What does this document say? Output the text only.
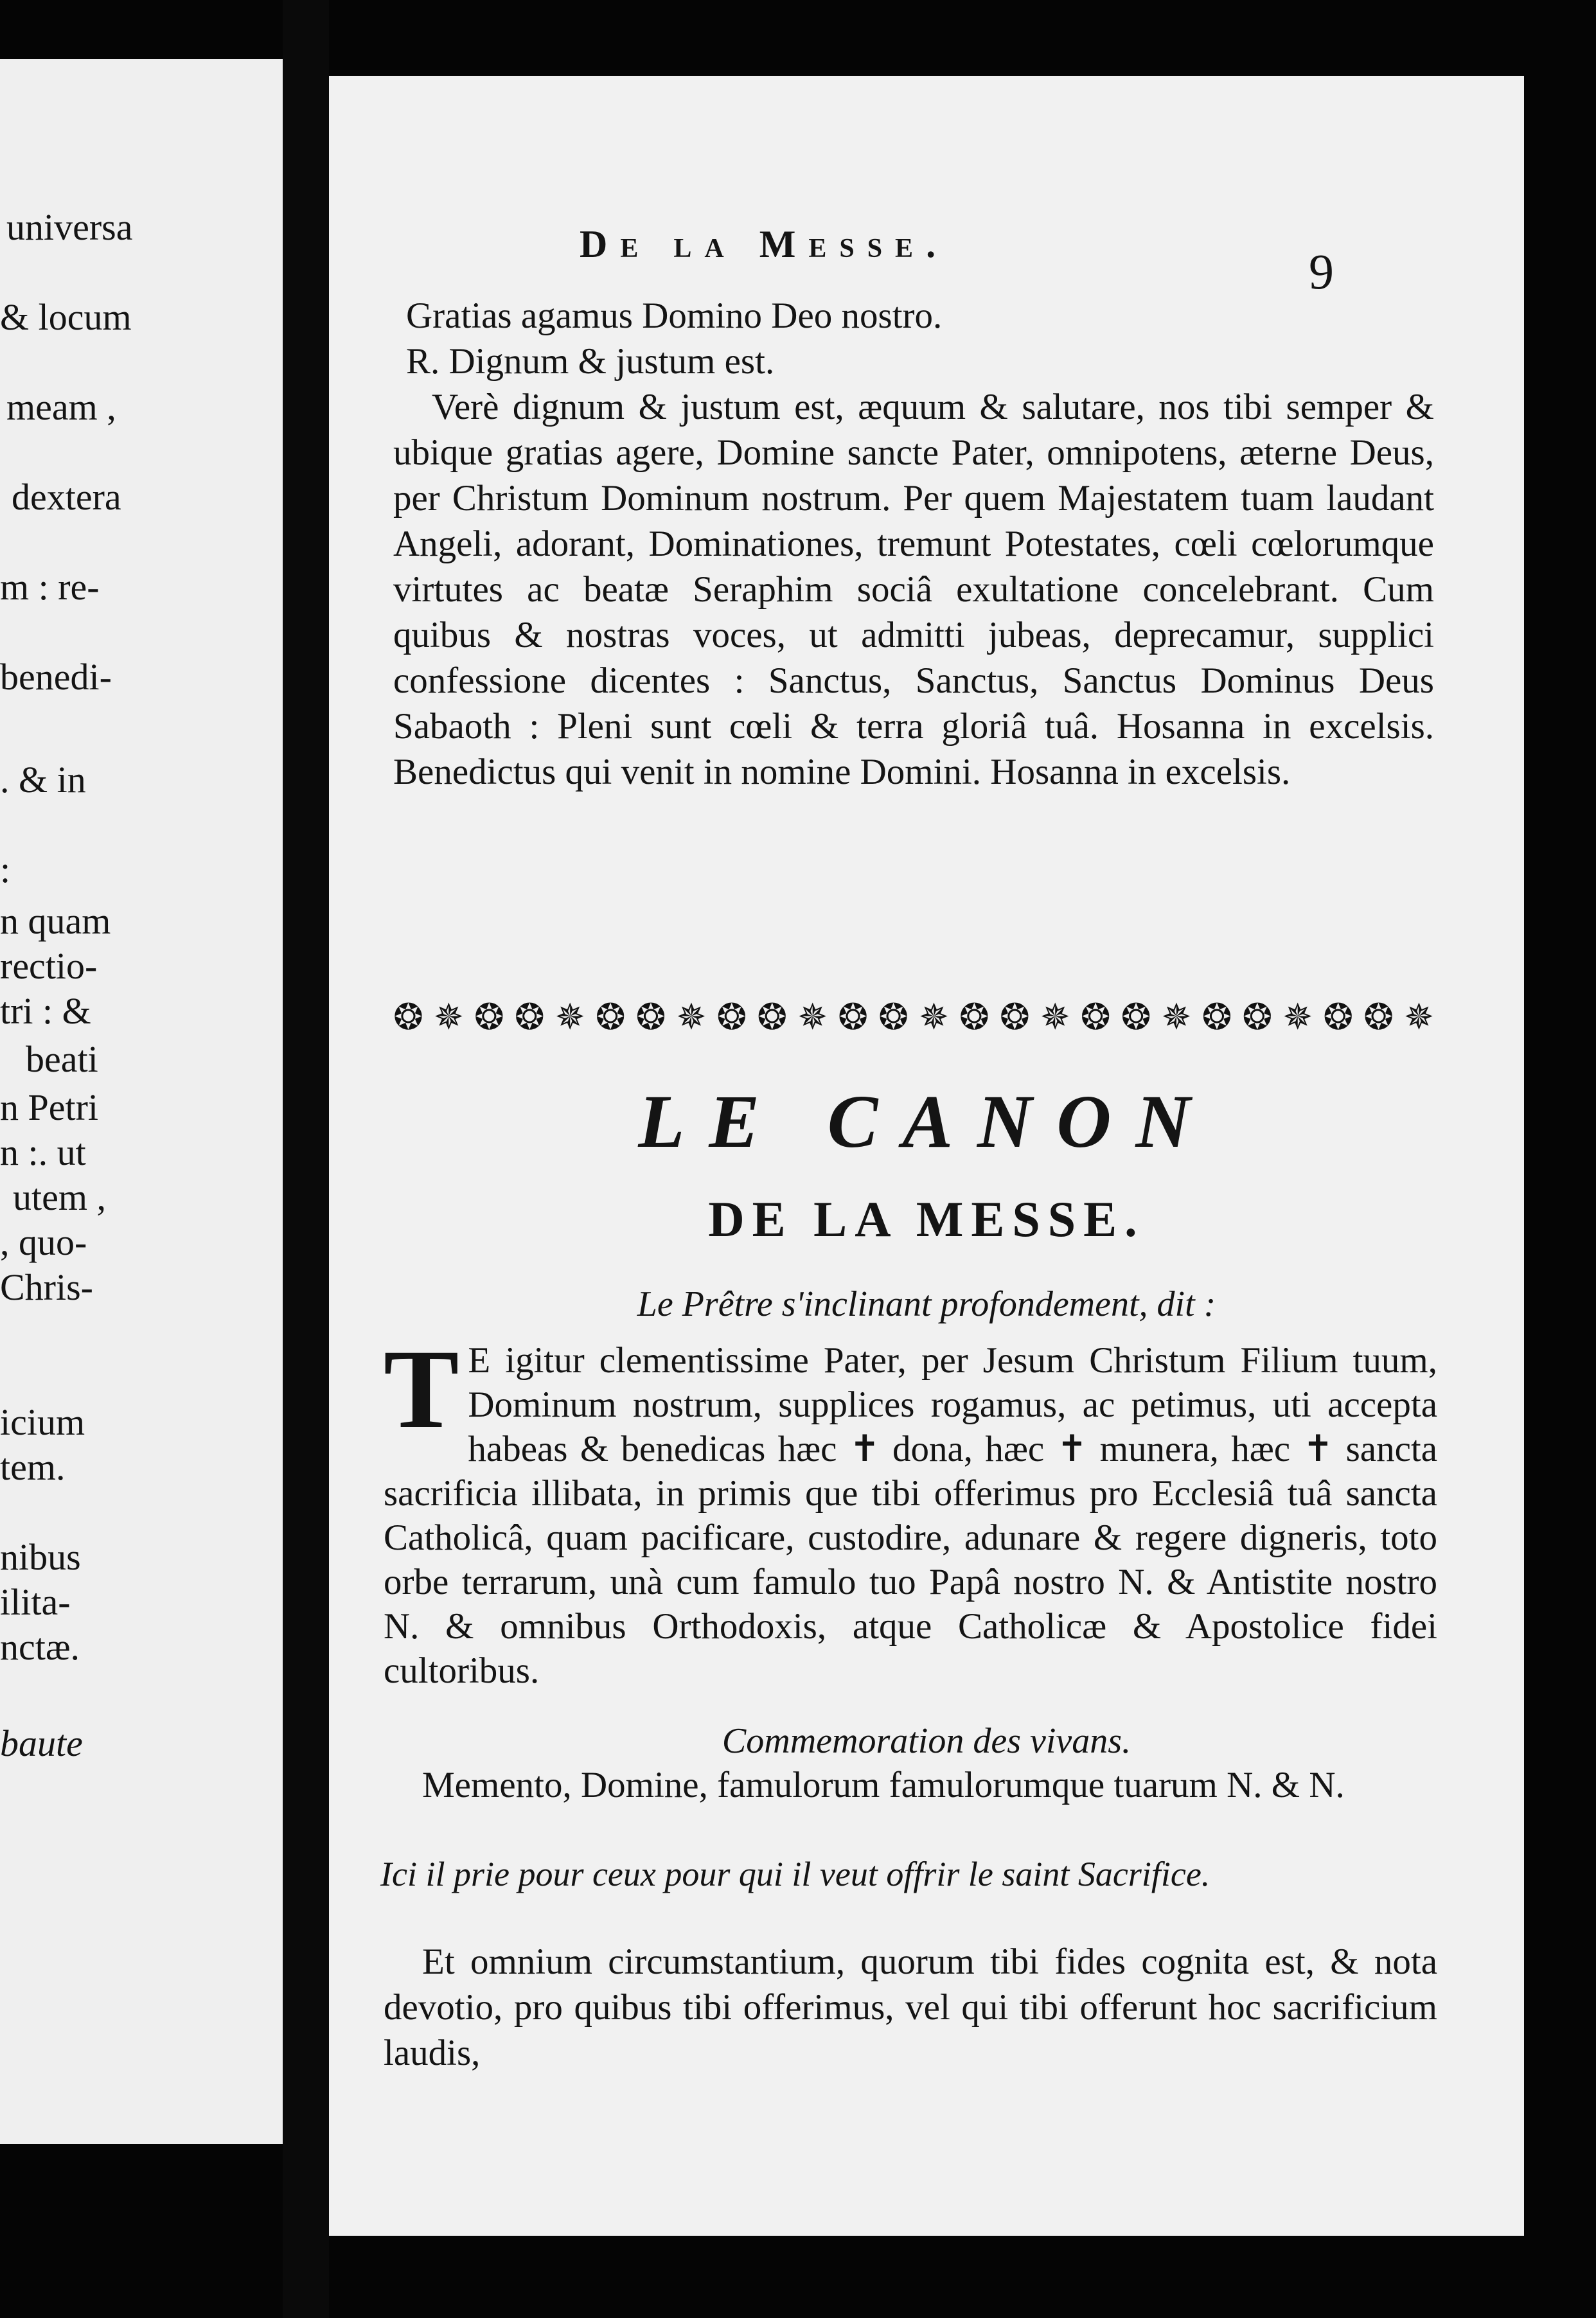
universa
& locum
meam ,
dextera
m : re-
benedi-
. & in
:
n quam
rectio-
tri : &
beati
n Petri
n :. ut
utem ,
, quo-
Chris-
icium
tem.
nibus
ilita-
nctæ.
baute
De la Messe.	9

Gratias agamus Domino Deo nostro.

R. Dignum & justum est.

Verè dignum & justum est, æquum & salutare, nos tibi semper & ubique gratias agere, Domine sancte Pater, omnipotens, æterne Deus, per Christum Dominum nostrum. Per quem Majestatem tuam laudant Angeli, adorant, Dominationes, tremunt Potestates, cœli cœlorumque virtutes ac beatæ Seraphim sociâ exultatione concelebrant. Cum quibus & nostras voces, ut admitti jubeas, deprecamur, supplici confessione dicentes : Sanctus, Sanctus, Sanctus Dominus Deus Sabaoth : Pleni sunt cœli & terra gloriâ tuâ. Hosanna in excelsis. Benedictus qui venit in nomine Domini. Hosanna in excelsis.

❂ ✵ ❂ ❂ ✵ ❂ ❂ ✵ ❂ ❂ ✵ ❂ ❂ ✵ ❂ ❂ ✵ ❂ ❂ ✵ ❂ ❂ ✵ ❂ ❂ ✵
LE CANON
DE LA MESSE.
Le Prêtre s'inclinant profondement, dit :
T E igitur clementissime Pater, per Jesum Christum Filium tuum, Dominum nostrum, supplices rogamus, ac petimus, uti accepta habeas & benedicas hæc ✝ dona, hæc ✝ munera, hæc ✝ sancta sacrificia illibata, in primis que tibi offerimus pro Ecclesiâ tuâ sancta Catholicâ, quam pacificare, custodire, adunare & regere digneris, toto orbe terrarum, unà cum famulo tuo Papâ nostro N. & Antistite nostro N. & omnibus Orthodoxis, atque Catholicæ & Apostolice fidei cultoribus.
Commemoration des vivans.

Memento, Domine, famulorum famulorumque tuarum N. & N.

Ici il prie pour ceux pour qui il veut offrir le saint Sacrifice.

Et omnium circumstantium, quorum tibi fides cognita est, & nota devotio, pro quibus tibi offerimus, vel qui tibi offerunt hoc sacrificium laudis,
